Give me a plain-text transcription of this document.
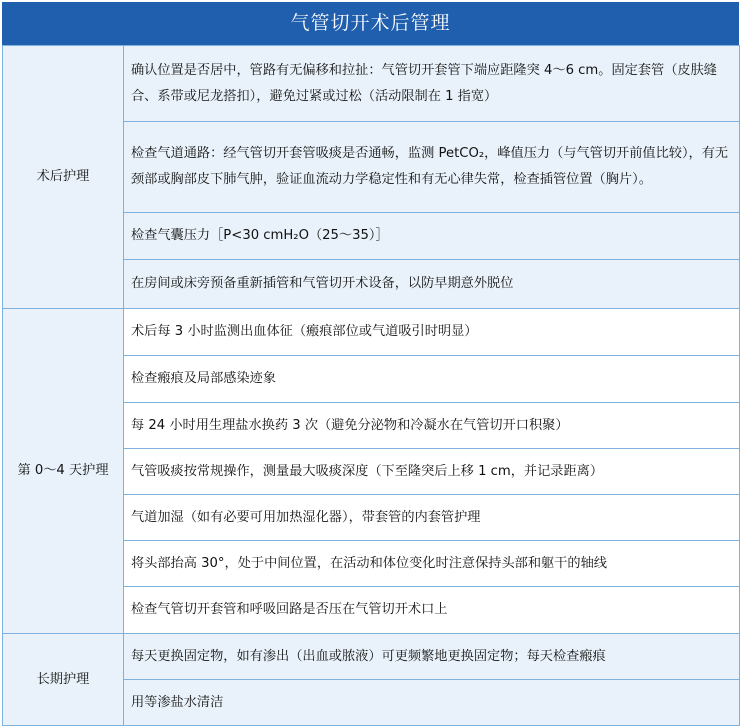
气管切开术后管理
术后护理	确认位置是否居中，管路有无偏移和拉扯：气管切开套管下端应距隆突 4～6 cm。固定套管（皮肤缝合、系带或尼龙搭扣），避免过紧或过松（活动限制在 1 指宽）
	检查气道通路：经气管切开套管吸痰是否通畅，监测 PetCO₂，峰值压力（与气管切开前值比较），有无颈部或胸部皮下肺气肿，验证血流动力学稳定性和有无心律失常，检查插管位置（胸片）。
	检查气囊压力［P<30 cmH₂O（25～35）］
	在房间或床旁预备重新插管和气管切开术设备，以防早期意外脱位
第 0～4 天护理	术后每 3 小时监测出血体征（瘢痕部位或气道吸引时明显）
	检查瘢痕及局部感染迹象
	每 24 小时用生理盐水换药 3 次（避免分泌物和冷凝水在气管切开口积聚）
	气管吸痰按常规操作，测量最大吸痰深度（下至隆突后上移 1 cm，并记录距离）
	气道加湿（如有必要可用加热湿化器），带套管的内套管护理
	将头部抬高 30°，处于中间位置，在活动和体位变化时注意保持头部和躯干的轴线
	检查气管切开套管和呼吸回路是否压在气管切开术口上
长期护理	每天更换固定物，如有渗出（出血或脓液）可更频繁地更换固定物；每天检查瘢痕
	用等渗盐水清洁
